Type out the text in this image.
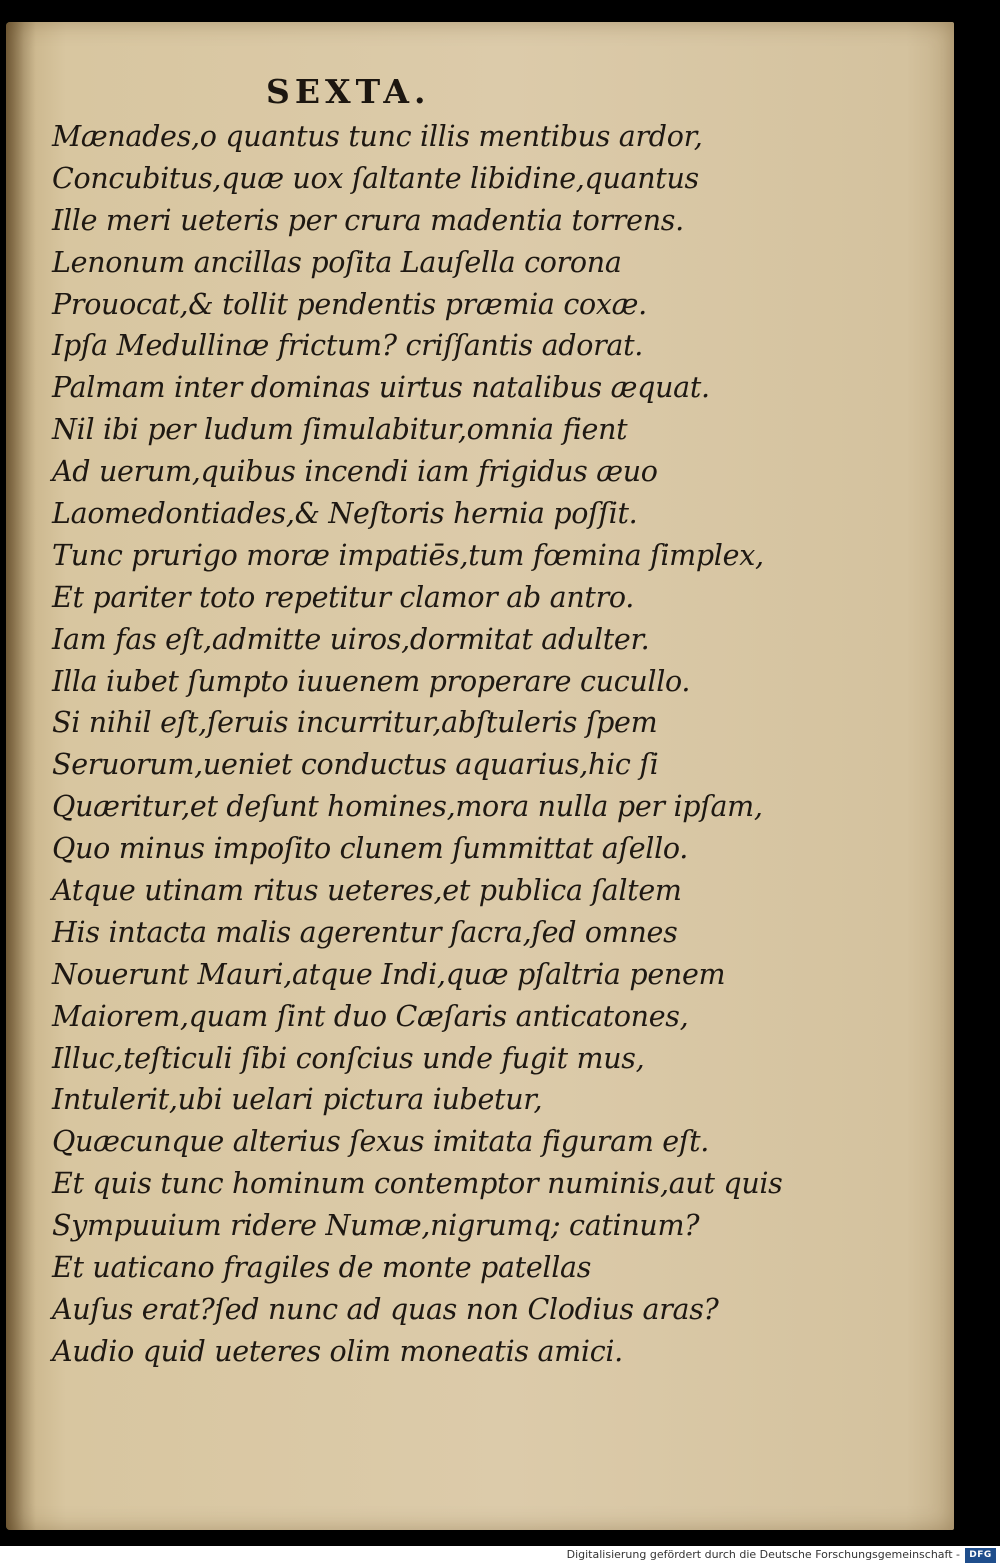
SEXTA.
Mænades,o quantus tunc illis mentibus ardor,
Concubitus,quæ uox ſaltante libidine,quantus
Ille meri ueteris per crura madentia torrens.
Lenonum ancillas poſita Lauſella corona
Prouocat,& tollit pendentis præmia coxæ.
Ipſa Medullinæ frictum? criſſantis adorat.
Palmam inter dominas uirtus natalibus æquat.
Nil ibi per ludum ſimulabitur,omnia fient
Ad uerum,quibus incendi iam frigidus æuo
Laomedontiades,& Neſtoris hernia poſſit.
Tunc prurigo moræ impatiēs,tum fœmina ſimplex,
Et pariter toto repetitur clamor ab antro.
Iam fas eſt,admitte uiros,dormitat adulter.
Illa iubet ſumpto iuuenem properare cucullo.
Si nihil eſt,ſeruis incurritur,abſtuleris ſpem
Seruorum,ueniet conductus aquarius,hic ſi
Quæritur,et deſunt homines,mora nulla per ipſam,
Quo minus impoſito clunem ſummittat aſello.
Atque utinam ritus ueteres,et publica ſaltem
His intacta malis agerentur ſacra,ſed omnes
Nouerunt Mauri,atque Indi,quæ pſaltria penem
Maiorem,quam ſint duo Cæſaris anticatones,
Illuc,teſticuli ſibi conſcius unde fugit mus,
Intulerit,ubi uelari pictura iubetur,
Quæcunque alterius ſexus imitata figuram eſt.
Et quis tunc hominum contemptor numinis,aut quis
Sympuuium ridere Numæ,nigrumq; catinum?
Et uaticano fragiles de monte patellas
Auſus erat?ſed nunc ad quas non Clodius aras?
Audio quid ueteres olim moneatis amici.
Digitalisierung gefördert durch die Deutsche Forschungsgemeinschaft -	DFG
